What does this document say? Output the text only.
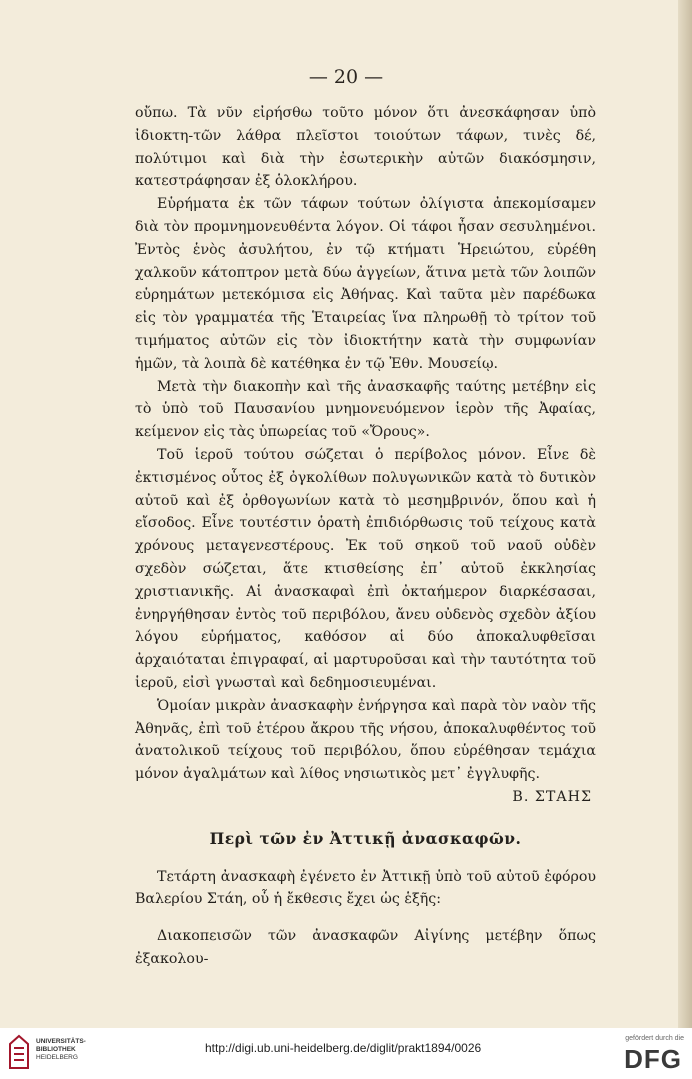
— 20 —

οὔπω. Τὰ νῦν εἰρήσθω τοῦτο μόνον ὅτι ἀνεσκάφησαν ὑπὸ ἰδιοκτη-τῶν λάθρα πλεῖστοι τοιούτων τάφων, τινὲς δέ, πολύτιμοι καὶ διὰ τὴν ἐσωτερικὴν αὐτῶν διακόσμησιν, κατεστράφησαν ἐξ ὁλοκλήρου.

Εὑρήματα ἐκ τῶν τάφων τούτων ὀλίγιστα ἀπεκομίσαμεν διὰ τὸν προμνημονευθέντα λόγον. Οἱ τάφοι ἦσαν σεσυλημένοι. Ἐντὸς ἑνὸς ἀσυλήτου, ἐν τῷ κτήματι Ἡρειώτου, εὑρέθη χαλκοῦν κάτοπτρον μετὰ δύω ἀγγείων, ἅτινα μετὰ τῶν λοιπῶν εὑρημάτων μετεκόμισα εἰς Ἀθήνας. Καὶ ταῦτα μὲν παρέδωκα εἰς τὸν γραμματέα τῆς Ἑταιρείας ἵνα πληρωθῇ τὸ τρίτον τοῦ τιμήματος αὐτῶν εἰς τὸν ἰδιοκτήτην κατὰ τὴν συμφωνίαν ἡμῶν, τὰ λοιπὰ δὲ κατέθηκα ἐν τῷ Ἐθν. Μουσείῳ.

Μετὰ τὴν διακοπὴν καὶ τῆς ἀνασκαφῆς ταύτης μετέβην εἰς τὸ ὑπὸ τοῦ Παυσανίου μνημονευόμενον ἱερὸν τῆς Ἀφαίας, κείμενον εἰς τὰς ὑπωρείας τοῦ «Ὄρους».

Τοῦ ἱεροῦ τούτου σώζεται ὁ περίβολος μόνον. Εἶνε δὲ ἐκτισμένος οὗτος ἐξ ὀγκολίθων πολυγωνικῶν κατὰ τὸ δυτικὸν αὐτοῦ καὶ ἐξ ὀρθογωνίων κατὰ τὸ μεσημβρινόν, ὅπου καὶ ἡ εἴσοδος. Εἶνε τουτέστιν ὁρατὴ ἐπιδιόρθωσις τοῦ τείχους κατὰ χρόνους μεταγενεστέρους. Ἐκ τοῦ σηκοῦ τοῦ ναοῦ οὐδὲν σχεδὸν σώζεται, ἅτε κτισθείσης ἐπ᾽ αὐτοῦ ἐκκλησίας χριστιανικῆς. Αἱ ἀνασκαφαὶ ἐπὶ ὀκταήμερον διαρκέσασαι, ἐνηργήθησαν ἐντὸς τοῦ περιβόλου, ἄνευ οὐδενὸς σχεδὸν ἀξίου λόγου εὑρήματος, καθόσον αἱ δύο ἀποκαλυφθεῖσαι ἀρχαιόταται ἐπιγραφαί, αἱ μαρτυροῦσαι καὶ τὴν ταυτότητα τοῦ ἱεροῦ, εἰσὶ γνωσταὶ καὶ δεδημοσιευμέναι.

Ὁμοίαν μικρὰν ἀνασκαφὴν ἐνήργησα καὶ παρὰ τὸν ναὸν τῆς Ἀθηνᾶς, ἐπὶ τοῦ ἑτέρου ἄκρου τῆς νήσου, ἀποκαλυφθέντος τοῦ ἀνατολικοῦ τείχους τοῦ περιβόλου, ὅπου εὑρέθησαν τεμάχια μόνον ἀγαλμάτων καὶ λίθος νησιωτικὸς μετ᾽ ἐγγλυφῆς.

Β. ΣΤΑΗΣ
Περὶ τῶν ἐν Ἀττικῇ ἀνασκαφῶν.

Τετάρτη ἀνασκαφὴ ἐγένετο ἐν Ἀττικῇ ὑπὸ τοῦ αὐτοῦ ἐφόρου Βαλερίου Στάη, οὗ ἡ ἔκθεσις ἔχει ὡς ἑξῆς:

Διακοπεισῶν τῶν ἀνασκαφῶν Αἰγίνης μετέβην ὅπως ἐξακολου-

UNIVERSITÄTS-
BIBLIOTHEK
HEIDELBERG
http://digi.ub.uni-heidelberg.de/diglit/prakt1894/0026
gefördert durch die
DFG
